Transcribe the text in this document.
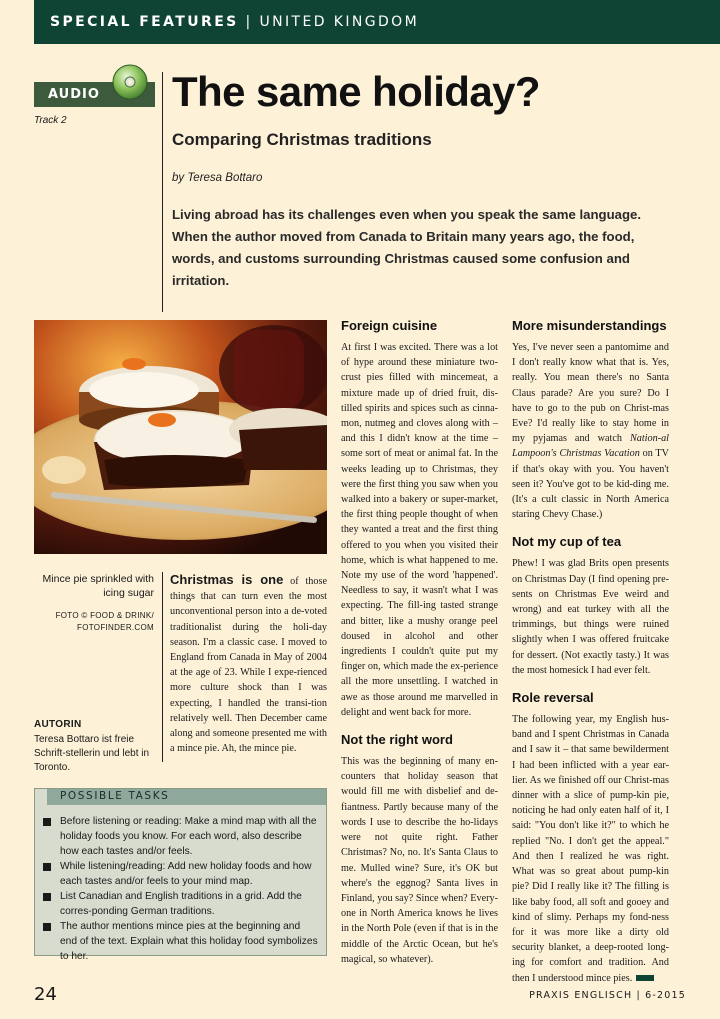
SPECIAL FEATURES | UNITED KINGDOM
AUDIO
Track 2
The same holiday?
Comparing Christmas traditions
by Teresa Bottaro

Living abroad has its challenges even when you speak the same language. When the author moved from Canada to Britain many years ago, the food, words, and customs surrounding Christmas caused some confusion and irritation.

Mince pie sprinkled with icing sugar
FOTO © FOOD & DRINK/ FOTOFINDER.COM
AUTORIN
Teresa Bottaro ist freie Schrift-stellerin und lebt in Toronto.

Christmas is one of those things that can turn even the most unconventional person into a de-voted traditionalist during the holi-day season. I'm a classic case. I moved to England from Canada in May of 2004 at the age of 23. While I expe-rienced more culture shock than I was expecting, I handled the transi-tion relatively well. Then December came along and someone presented me with a mince pie. Ah, the mince pie.

Foreign cuisine

At first I was excited. There was a lot of hype around these miniature two-crust pies filled with mincemeat, a mixture made up of dried fruit, dis-tilled spirits and spices such as cinna-mon, nutmeg and cloves along with – and this I didn't know at the time – some sort of meat or animal fat. In the weeks leading up to Christmas, they were the first thing you saw when you walked into a bakery or super-market, the first thing people thought of when they wanted a treat and the first thing offered to you when you visited their home, which is what happened to me. Note my use of the word 'happened'. Needless to say, it wasn't what I was expecting. The fill-ing tasted strange and bitter, like a mushy orange peel doused in alcohol and other ingredients I couldn't quite put my finger on, which made the ex-perience all the more unsettling. I watched in awe as those around me marvelled in delight and went back for more.

Not the right word

This was the beginning of many en-counters that holiday season that would fill me with disbelief and de-fiantness. Partly because many of the words I use to describe the ho-lidays were not quite right. Father Christmas? No, no. It's Santa Claus to me. Mulled wine? Sure, it's OK but where's the eggnog? Santa lives in Finland, you say? Since when? Every-one in North America knows he lives in the North Pole (even if that is in the middle of the Arctic Ocean, but he's magical, so whatever).

More misunderstandings

Yes, I've never seen a pantomime and I don't really know what that is. Yes, really. You mean there's no Santa Claus parade? Are you sure? Do I have to go to the pub on Christ-mas Eve? I'd really like to stay home in my pyjamas and watch Nation-al Lampoon's Christmas Vacation on TV if that's okay with you. You haven't seen it? You've got to be kid-ding me. (It's a cult classic in North America staring Chevy Chase.)

Not my cup of tea

Phew! I was glad Brits open presents on Christmas Day (I find opening pre-sents on Christmas Eve weird and wrong) and eat turkey with all the trimmings, but things were ruined slightly when I was offered fruitcake for dessert. (Not exactly tasty.) It was the most homesick I had ever felt.

Role reversal

The following year, my English hus-band and I spent Christmas in Canada and I saw it – that same bewilderment I had been inflicted with a year ear-lier. As we finished off our Christ-mas dinner with a slice of pump-kin pie, noticing he had only eaten half of it, I said: "You don't like it?" to which he replied "No. I don't get the appeal." And then I realized he was right. What was so great about pump-kin pie? Did I really like it? The filling is like baby food, all soft and gooey and kind of slimy. Perhaps my fond-ness for it was more like a dirty old security blanket, a deep-rooted long-ing for comfort and tradition. And then I understood mince pies.

POSSIBLE TASKS
Before listening or reading: Make a mind map with all the holiday foods you know. For each word, also describe how each tastes and/or feels.
While listening/reading: Add new holiday foods and how each tastes and/or feels to your mind map.
List Canadian and English traditions in a grid. Add the corres-ponding German traditions.
The author mentions mince pies at the beginning and end of the text. Explain what this holiday food symbolizes to her.
24	PRAXIS ENGLISCH | 6-2015
